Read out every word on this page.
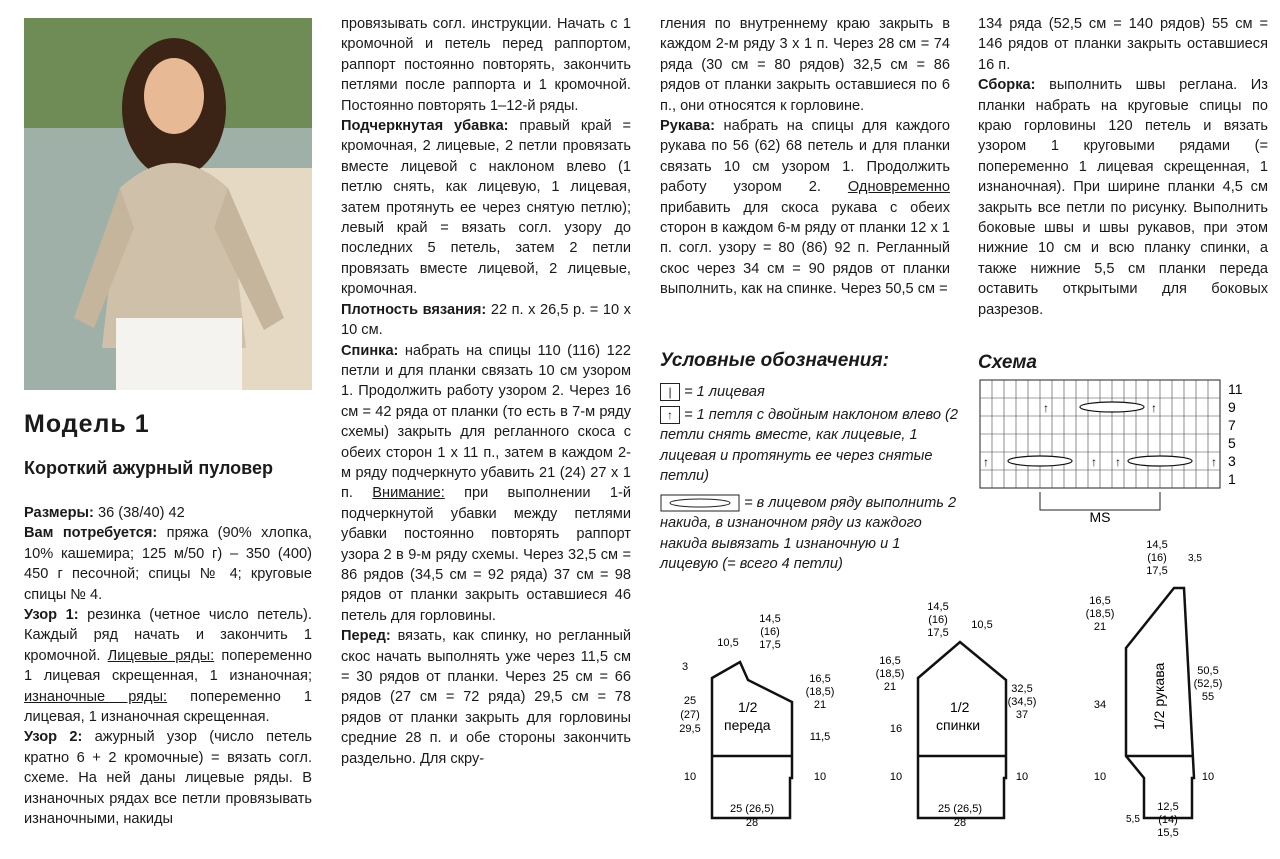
Модель 1
Короткий ажурный пуловер

Размеры: 36 (38/40) 42

Вам потребуется: пряжа (90% хлопка, 10% кашемира; 125 м/50 г) – 350 (400) 450 г песочной; спицы № 4; круговые спицы № 4.

Узор 1: резинка (четное число петель). Каждый ряд начать и закончить 1 кромочной. Лицевые ряды: попеременно 1 лицевая скрещенная, 1 изнаночная; изнаночные ряды: попеременно 1 лицевая, 1 изнаночная скрещенная.

Узор 2: ажурный узор (число петель кратно 6 + 2 кромочные) = вязать согл. схеме. На ней даны лицевые ряды. В изнаночных рядах все петли провязывать изнаночными, накиды

провязывать согл. инструкции. Начать с 1 кромочной и петель перед раппортом, раппорт постоянно повторять, закончить петлями после раппорта и 1 кромочной. Постоянно повторять 1–12-й ряды.

Подчеркнутая убавка: правый край = кромочная, 2 лицевые, 2 петли провязать вместе лицевой с наклоном влево (1 петлю снять, как лицевую, 1 лицевая, затем протянуть ее через снятую петлю); левый край = вязать согл. узору до последних 5 петель, затем 2 петли провязать вместе лицевой, 2 лицевые, кромочная.

Плотность вязания: 22 п. х 26,5 р. = 10 х 10 см.

Спинка: набрать на спицы 110 (116) 122 петли и для планки связать 10 см узором 1. Продолжить работу узором 2. Через 16 см = 42 ряда от планки (то есть в 7-м ряду схемы) закрыть для регланного скоса с обеих сторон 1 х 11 п., затем в каждом 2-м ряду подчеркнуто убавить 21 (24) 27 х 1 п. Внимание: при выполнении 1-й подчеркнутой убавки между петлями убавки постоянно повторять раппорт узора 2 в 9-м ряду схемы. Через 32,5 см = 86 рядов (34,5 см = 92 ряда) 37 см = 98 рядов от планки закрыть оставшиеся 46 петель для горловины.

Перед: вязать, как спинку, но регланный скос начать выполнять уже через 11,5 см = 30 рядов от планки. Через 25 см = 66 рядов (27 см = 72 ряда) 29,5 см = 78 рядов от планки закрыть для горловины средние 28 п. и обе стороны закончить раздельно. Для скру-

гления по внутреннему краю закрыть в каждом 2-м ряду 3 х 1 п. Через 28 см = 74 ряда (30 см = 80 рядов) 32,5 см = 86 рядов от планки закрыть оставшиеся по 6 п., они относятся к горловине.

Рукава: набрать на спицы для каждого рукава по 56 (62) 68 петель и для планки связать 10 см узором 1. Продолжить работу узором 2. Одновременно прибавить для скоса рукава с обеих сторон в каждом 6-м ряду от планки 12 х 1 п. согл. узору = 80 (86) 92 п. Регланный скос через 34 см = 90 рядов от планки выполнить, как на спинке. Через 50,5 см =

134 ряда (52,5 см = 140 рядов) 55 см = 146 рядов от планки закрыть оставшиеся 16 п.

Сборка: выполнить швы реглана. Из планки набрать на круговые спицы по краю горловины 120 петель и вязать узором 1 круговыми рядами (= попеременно 1 лицевая скрещенная, 1 изнаночная). При ширине планки 4,5 см закрыть все петли по рисунку. Выполнить боковые швы и швы рукавов, при этом нижние 10 см и всю планку спинки, а также нижние 5,5 см планки переда оставить открытыми для боковых разрезов.

Условные обозначения:
| = 1 лицевая
↑ = 1 петля с двойным наклоном влево (2 петли снять вместе, как лицевые, 1 лицевая и протянуть ее через снятые петли)
= в лицевом ряду выполнить 2 накида, в изнаночном ряду из каждого накида вывязать 1 изнаночную и 1 лицевую (= всего 4 петли)
Схема
↑	↑
↑	↑ ↑	↑
11
9
7
5
3
1
MS
1/2
переда
14,5
(16)
17,5
10,5
3
25
(27)
29,5
16,5
(18,5)
21
11,5
10	10
25 (26,5)
28
1/2
спинки
14,5
(16)
17,5
10,5
16,5
(18,5)
21
16
32,5
(34,5)
37
10	10
25 (26,5)
28
1/2 рукава
14,5
(16)
17,5
3,5
16,5
(18,5)
21
34
50,5
(52,5)
55
10	10
12,5
(14)
15,5
5,5
